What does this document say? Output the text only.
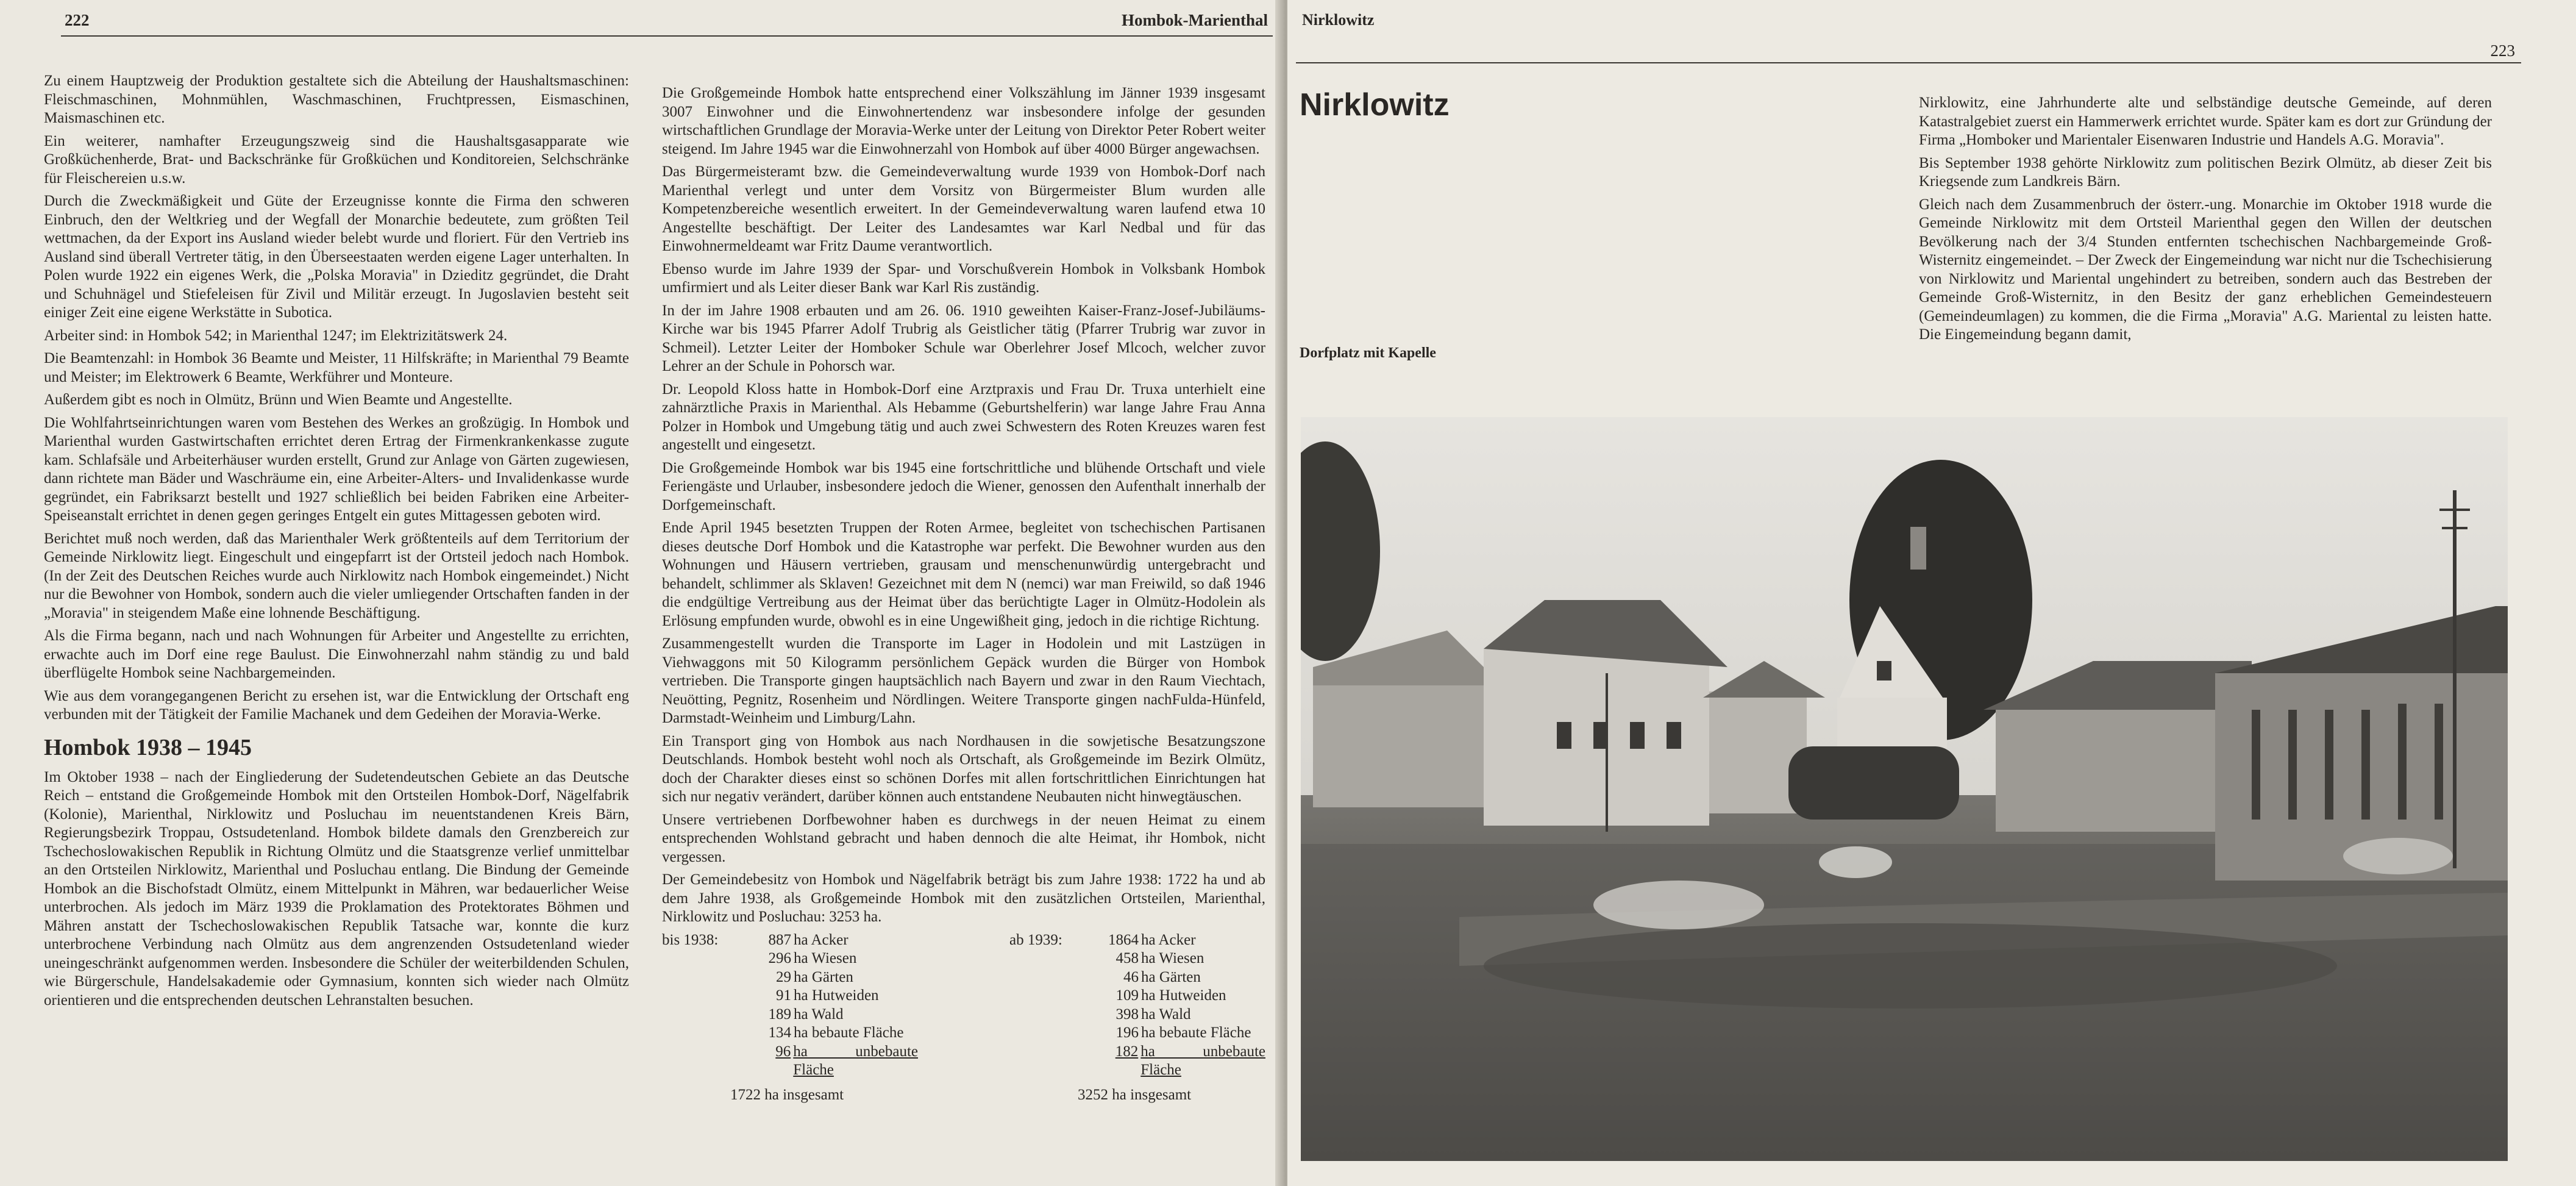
222	Hombok-Marienthal

Zu einem Hauptzweig der Produktion gestaltete sich die Abteilung der Haushaltsmaschinen: Fleischmaschinen, Mohnmühlen, Waschmaschinen, Fruchtpressen, Eismaschinen, Maismaschinen etc.

Ein weiterer, namhafter Erzeugungszweig sind die Haushaltsgasapparate wie Großküchenherde, Brat- und Backschränke für Großküchen und Konditoreien, Selchschränke für Fleischereien u.s.w.

Durch die Zweckmäßigkeit und Güte der Erzeugnisse konnte die Firma den schweren Einbruch, den der Weltkrieg und der Wegfall der Monarchie bedeutete, zum größten Teil wettmachen, da der Export ins Ausland wieder belebt wurde und floriert. Für den Vertrieb ins Ausland sind überall Vertreter tätig, in den Überseestaaten werden eigene Lager unterhalten. In Polen wurde 1922 ein eigenes Werk, die „Polska Moravia" in Dzieditz gegründet, die Draht und Schuhnägel und Stiefeleisen für Zivil und Militär erzeugt. In Jugoslavien besteht seit einiger Zeit eine eigene Werkstätte in Subotica.

Arbeiter sind: in Hombok 542; in Marienthal 1247; im Elektrizitätswerk 24.

Die Beamtenzahl: in Hombok 36 Beamte und Meister, 11 Hilfskräfte; in Marienthal 79 Beamte und Meister; im Elektrowerk 6 Beamte, Werkführer und Monteure.

Außerdem gibt es noch in Olmütz, Brünn und Wien Beamte und Angestellte.

Die Wohlfahrtseinrichtungen waren vom Bestehen des Werkes an großzügig. In Hombok und Marienthal wurden Gastwirtschaften errichtet deren Ertrag der Firmenkrankenkasse zugute kam. Schlafsäle und Arbeiterhäuser wurden erstellt, Grund zur Anlage von Gärten zugewiesen, dann richtete man Bäder und Waschräume ein, eine Arbeiter-Alters- und Invalidenkasse wurde gegründet, ein Fabriksarzt bestellt und 1927 schließlich bei beiden Fabriken eine Arbeiter-Speiseanstalt errichtet in denen gegen geringes Entgelt ein gutes Mittagessen geboten wird.

Berichtet muß noch werden, daß das Marienthaler Werk größtenteils auf dem Territorium der Gemeinde Nirklowitz liegt. Eingeschult und eingepfarrt ist der Ortsteil jedoch nach Hombok. (In der Zeit des Deutschen Reiches wurde auch Nirklowitz nach Hombok eingemeindet.) Nicht nur die Bewohner von Hombok, sondern auch die vieler umliegender Ortschaften fanden in der „Moravia" in steigendem Maße eine lohnende Beschäftigung.

Als die Firma begann, nach und nach Wohnungen für Arbeiter und Angestellte zu errichten, erwachte auch im Dorf eine rege Baulust. Die Einwohnerzahl nahm ständig zu und bald überflügelte Hombok seine Nachbargemeinden.

Wie aus dem vorangegangenen Bericht zu ersehen ist, war die Entwicklung der Ortschaft eng verbunden mit der Tätigkeit der Familie Machanek und dem Gedeihen der Moravia-Werke.

Hombok 1938 – 1945

Im Oktober 1938 – nach der Eingliederung der Sudetendeutschen Gebiete an das Deutsche Reich – entstand die Großgemeinde Hombok mit den Ortsteilen Hombok-Dorf, Nägelfabrik (Kolonie), Marienthal, Nirklowitz und Posluchau im neuentstandenen Kreis Bärn, Regierungsbezirk Troppau, Ostsudetenland. Hombok bildete damals den Grenzbereich zur Tschechoslowakischen Republik in Richtung Olmütz und die Staatsgrenze verlief unmittelbar an den Ortsteilen Nirklowitz, Marienthal und Posluchau entlang. Die Bindung der Gemeinde Hombok an die Bischofstadt Olmütz, einem Mittelpunkt in Mähren, war bedauerlicher Weise unterbrochen. Als jedoch im März 1939 die Proklamation des Protektorates Böhmen und Mähren anstatt der Tschechoslowakischen Republik Tatsache war, konnte die kurz unterbrochene Verbindung nach Olmütz aus dem angrenzenden Ostsudetenland wieder uneingeschränkt aufgenommen werden. Insbesondere die Schüler der weiterbildenden Schulen, wie Bürgerschule, Handelsakademie oder Gymnasium, konnten sich wieder nach Olmütz orientieren und die entsprechenden deutschen Lehranstalten besuchen.

Die Großgemeinde Hombok hatte entsprechend einer Volkszählung im Jänner 1939 insgesamt 3007 Einwohner und die Einwohnertendenz war insbesondere infolge der gesunden wirtschaftlichen Grundlage der Moravia-Werke unter der Leitung von Direktor Peter Robert weiter steigend. Im Jahre 1945 war die Einwohnerzahl von Hombok auf über 4000 Bürger angewachsen.

Das Bürgermeisteramt bzw. die Gemeindeverwaltung wurde 1939 von Hombok-Dorf nach Marienthal verlegt und unter dem Vorsitz von Bürgermeister Blum wurden alle Kompetenzbereiche wesentlich erweitert. In der Gemeindeverwaltung waren laufend etwa 10 Angestellte beschäftigt. Der Leiter des Landesamtes war Karl Nedbal und für das Einwohnermeldeamt war Fritz Daume verantwortlich.

Ebenso wurde im Jahre 1939 der Spar- und Vorschußverein Hombok in Volksbank Hombok umfirmiert und als Leiter dieser Bank war Karl Ris zuständig.

In der im Jahre 1908 erbauten und am 26. 06. 1910 geweihten Kaiser-Franz-Josef-Jubiläums-Kirche war bis 1945 Pfarrer Adolf Trubrig als Geistlicher tätig (Pfarrer Trubrig war zuvor in Schmeil). Letzter Leiter der Homboker Schule war Oberlehrer Josef Mlcoch, welcher zuvor Lehrer an der Schule in Pohorsch war.

Dr. Leopold Kloss hatte in Hombok-Dorf eine Arztpraxis und Frau Dr. Truxa unterhielt eine zahnärztliche Praxis in Marienthal. Als Hebamme (Geburtshelferin) war lange Jahre Frau Anna Polzer in Hombok und Umgebung tätig und auch zwei Schwestern des Roten Kreuzes waren fest angestellt und eingesetzt.

Die Großgemeinde Hombok war bis 1945 eine fortschrittliche und blühende Ortschaft und viele Feriengäste und Urlauber, insbesondere jedoch die Wiener, genossen den Aufenthalt innerhalb der Dorfgemeinschaft.

Ende April 1945 besetzten Truppen der Roten Armee, begleitet von tschechischen Partisanen dieses deutsche Dorf Hombok und die Katastrophe war perfekt. Die Bewohner wurden aus den Wohnungen und Häusern vertrieben, grausam und menschenunwürdig untergebracht und behandelt, schlimmer als Sklaven! Gezeichnet mit dem N (nemci) war man Freiwild, so daß 1946 die endgültige Vertreibung aus der Heimat über das berüchtigte Lager in Olmütz-Hodolein als Erlösung empfunden wurde, obwohl es in eine Ungewißheit ging, jedoch in die richtige Richtung.

Zusammengestellt wurden die Transporte im Lager in Hodolein und mit Lastzügen in Viehwaggons mit 50 Kilogramm persönlichem Gepäck wurden die Bürger von Hombok vertrieben. Die Transporte gingen hauptsächlich nach Bayern und zwar in den Raum Viechtach, Neuötting, Pegnitz, Rosenheim und Nördlingen. Weitere Transporte gingen nachFulda-Hünfeld, Darmstadt-Weinheim und Limburg/Lahn.

Ein Transport ging von Hombok aus nach Nordhausen in die sowjetische Besatzungszone Deutschlands. Hombok besteht wohl noch als Ortschaft, als Großgemeinde im Bezirk Olmütz, doch der Charakter dieses einst so schönen Dorfes mit allen fortschrittlichen Einrichtungen hat sich nur negativ verändert, darüber können auch entstandene Neubauten nicht hinwegtäuschen.

Unsere vertriebenen Dorfbewohner haben es durchwegs in der neuen Heimat zu einem entsprechenden Wohlstand gebracht und haben dennoch die alte Heimat, ihr Hombok, nicht vergessen.

Der Gemeindebesitz von Hombok und Nägelfabrik beträgt bis zum Jahre 1938: 1722 ha und ab dem Jahre 1938, als Großgemeinde Hombok mit den zusätzlichen Ortsteilen, Marienthal, Nirklowitz und Posluchau: 3253 ha.

bis 1938:	887 ha Acker
296 ha Wiesen
29 ha Gärten
91 ha Hutweiden
189 ha Wald
134 ha bebaute Fläche
96 ha unbebaute Fläche
1722 ha insgesamt
ab 1939:	1864 ha Acker
458 ha Wiesen
46 ha Gärten
109 ha Hutweiden
398 ha Wald
196 ha bebaute Fläche
182 ha unbebaute Fläche
3252 ha insgesamt
Nirklowitz
223
Nirklowitz
Dorfplatz mit Kapelle

Nirklowitz, eine Jahrhunderte alte und selbständige deutsche Gemeinde, auf deren Katastralgebiet zuerst ein Hammerwerk errichtet wurde. Später kam es dort zur Gründung der Firma „Homboker und Marientaler Eisenwaren Industrie und Handels A.G. Moravia".

Bis September 1938 gehörte Nirklowitz zum politischen Bezirk Olmütz, ab dieser Zeit bis Kriegsende zum Landkreis Bärn.

Gleich nach dem Zusammenbruch der österr.-ung. Monarchie im Oktober 1918 wurde die Gemeinde Nirklowitz mit dem Ortsteil Marienthal gegen den Willen der deutschen Bevölkerung nach der 3/4 Stunden entfernten tschechischen Nachbargemeinde Groß-Wisternitz eingemeindet. – Der Zweck der Eingemeindung war nicht nur die Tschechisierung von Nirklowitz und Mariental ungehindert zu betreiben, sondern auch das Bestreben der Gemeinde Groß-Wisternitz, in den Besitz der ganz erheblichen Gemeindesteuern (Gemeindeumlagen) zu kommen, die die Firma „Moravia" A.G. Mariental zu leisten hatte. Die Eingemeindung begann damit,
